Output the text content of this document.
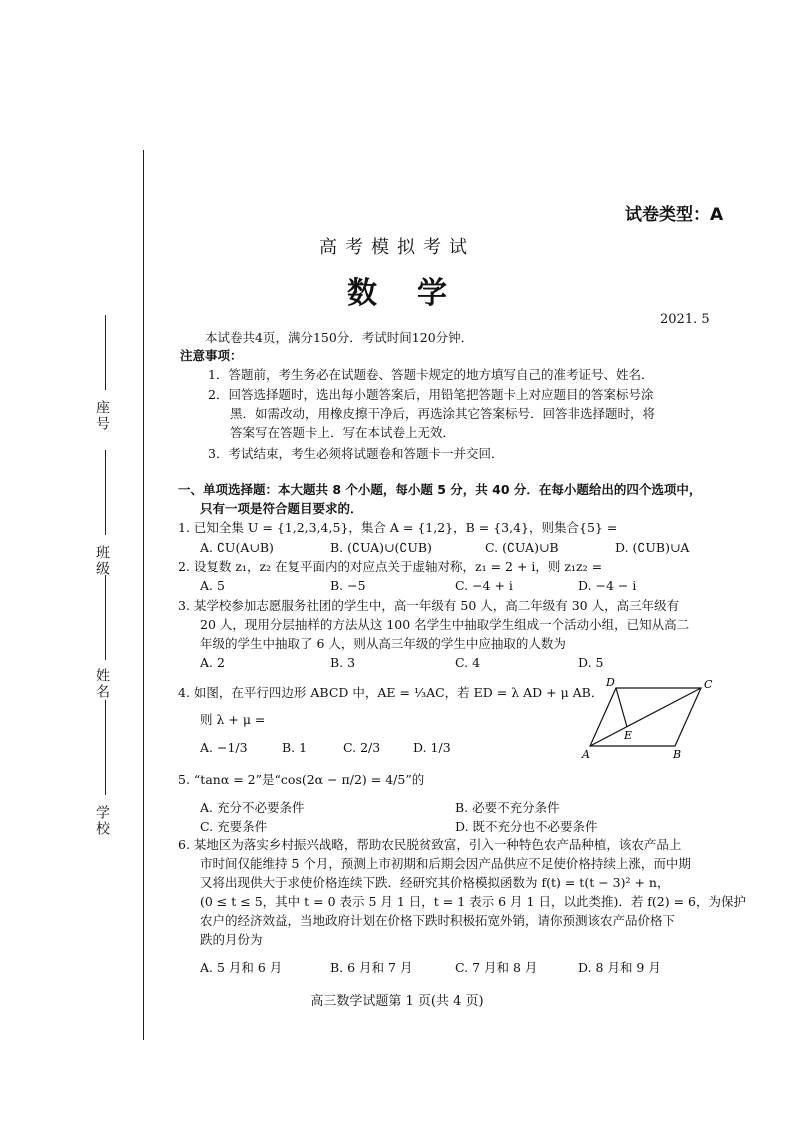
学校
姓名
班级
座号
试卷类型：A
高考模拟考试
数学
2021. 5
本试卷共4页，满分150分．考试时间120分钟．
注意事项：
1．答题前，考生务必在试题卷、答题卡规定的地方填写自己的准考证号、姓名．
2．回答选择题时，选出每小题答案后，用铅笔把答题卡上对应题目的答案标号涂
黑．如需改动，用橡皮擦干净后，再选涂其它答案标号．回答非选择题时，将
答案写在答题卡上．写在本试卷上无效．
3．考试结束，考生必须将试题卷和答题卡一并交回．
一、单项选择题：本大题共 8 个小题，每小题 5 分，共 40 分．在每小题给出的四个选项中，
只有一项是符合题目要求的．
1. 已知全集 U = {1,2,3,4,5}，集合 A = {1,2}，B = {3,4}，则集合{5} =
A. ∁U(A∪B)	B. (∁UA)∪(∁UB)	C. (∁UA)∪B	D. (∁UB)∪A
2. 设复数 z₁，z₂ 在复平面内的对应点关于虚轴对称，z₁ = 2 + i，则 z₁z₂ =
A. 5	B. −5	C. −4 + i	D. −4 − i
3. 某学校参加志愿服务社团的学生中，高一年级有 50 人，高二年级有 30 人，高三年级有
20 人，现用分层抽样的方法从这 100 名学生中抽取学生组成一个活动小组，已知从高二
年级的学生中抽取了 6 人，则从高三年级的学生中应抽取的人数为
A. 2	B. 3	C. 4	D. 5
4. 如图，在平行四边形 ABCD 中，AE = ⅓AC，若 ED = λ AD + μ AB．
则 λ + μ =
A. −1/3	B. 1	C. 2/3	D. 1/3
D	C
A	B
E
5. “tanα = 2”是“cos(2α − π/2) = 4/5”的
A. 充分不必要条件	B. 必要不充分条件
C. 充要条件	D. 既不充分也不必要条件
6. 某地区为落实乡村振兴战略，帮助农民脱贫致富，引入一种特色农产品种植，该农产品上
市时间仅能维持 5 个月，预测上市初期和后期会因产品供应不足使价格持续上涨，而中期
又将出现供大于求使价格连续下跌．经研究其价格模拟函数为 f(t) = t(t − 3)² + n，
(0 ≤ t ≤ 5，其中 t = 0 表示 5 月 1 日，t = 1 表示 6 月 1 日，以此类推)．若 f(2) = 6，为保护
农户的经济效益，当地政府计划在价格下跌时积极拓宽外销，请你预测该农产品价格下
跌的月份为
A. 5 月和 6 月	B. 6 月和 7 月	C. 7 月和 8 月	D. 8 月和 9 月
高三数学试题第 1 页(共 4 页)
